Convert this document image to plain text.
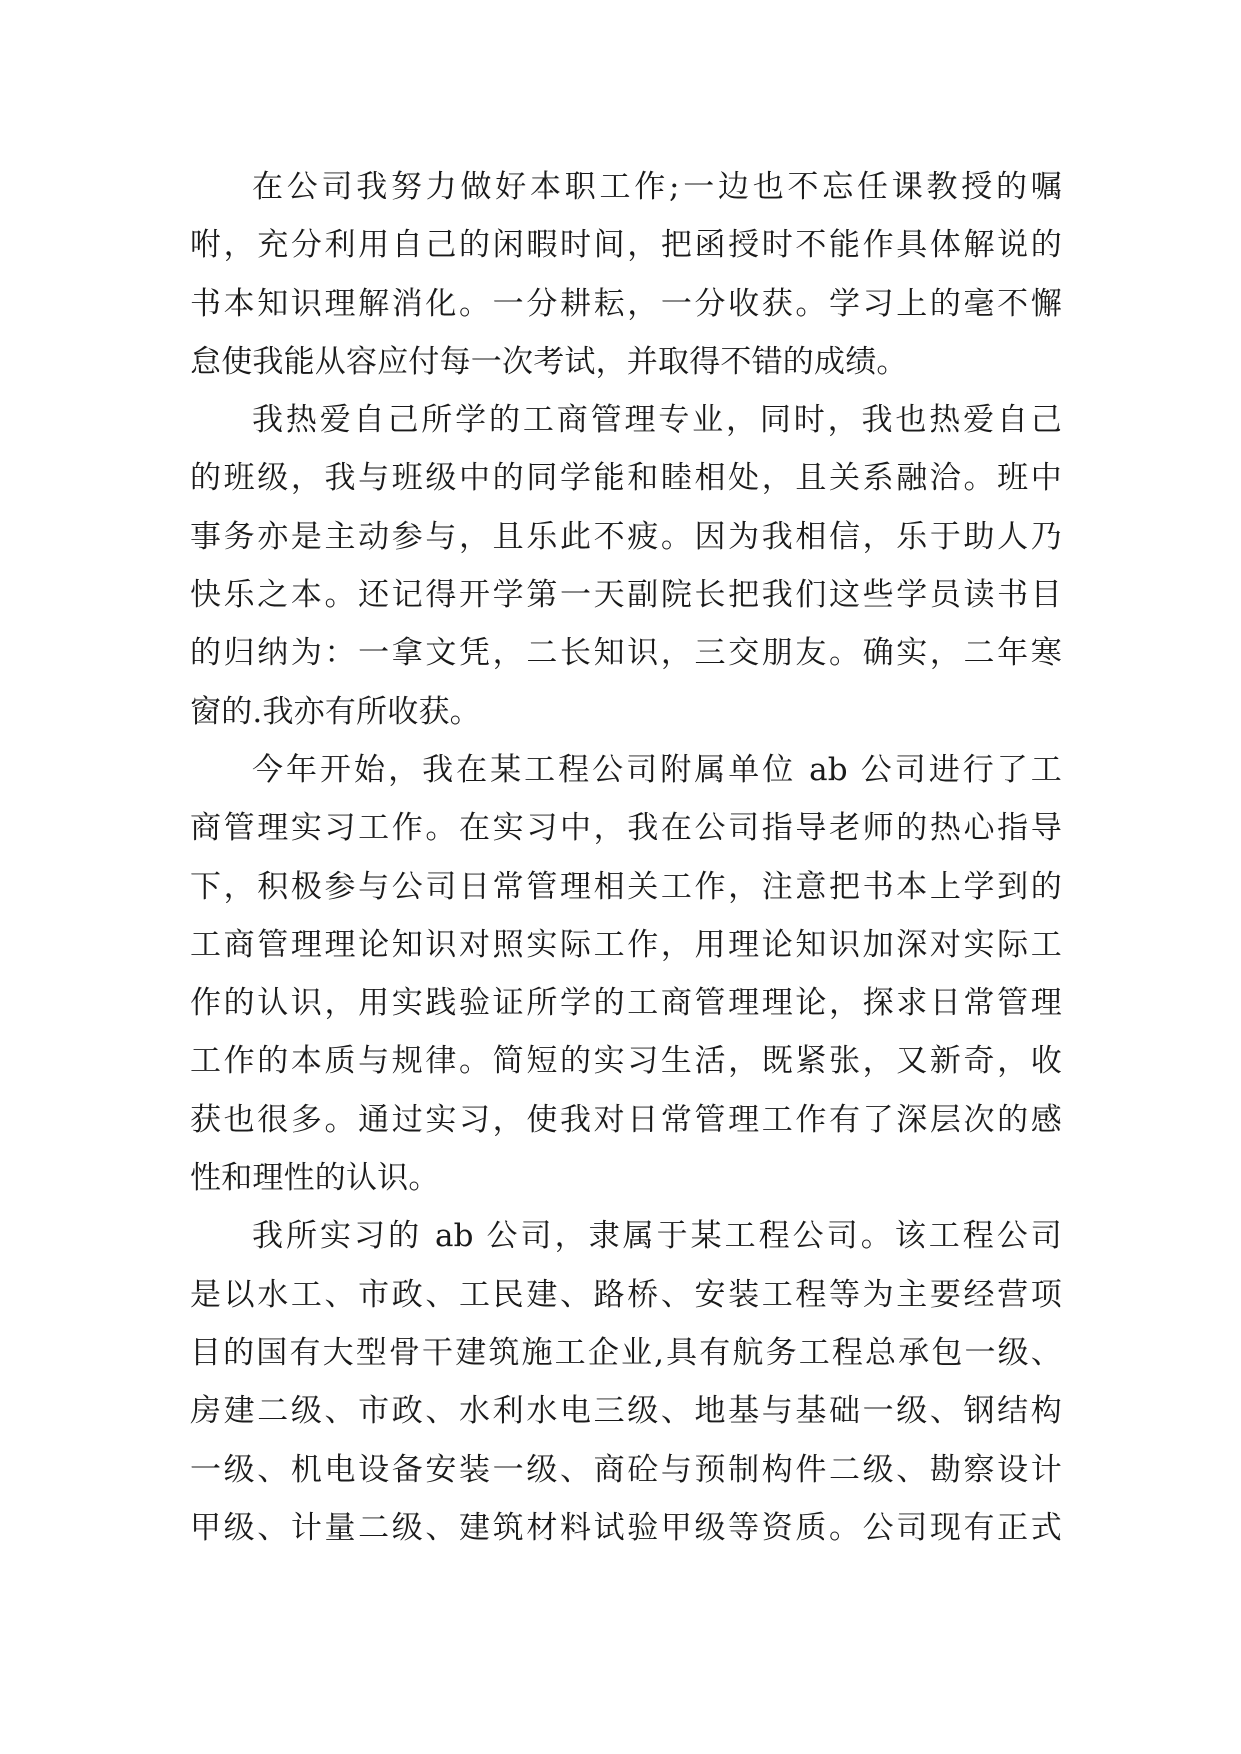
在公司我努力做好本职工作;一边也不忘任课教授的嘱
咐，充分利用自己的闲暇时间，把函授时不能作具体解说的
书本知识理解消化。一分耕耘，一分收获。学习上的毫不懈
怠使我能从容应付每一次考试，并取得不错的成绩。
我热爱自己所学的工商管理专业，同时，我也热爱自己
的班级，我与班级中的同学能和睦相处，且关系融洽。班中
事务亦是主动参与，且乐此不疲。因为我相信，乐于助人乃
快乐之本。还记得开学第一天副院长把我们这些学员读书目
的归纳为：一拿文凭，二长知识，三交朋友。确实，二年寒
窗的.我亦有所收获。
今年开始，我在某工程公司附属单位 ab 公司进行了工
商管理实习工作。在实习中，我在公司指导老师的热心指导
下，积极参与公司日常管理相关工作，注意把书本上学到的
工商管理理论知识对照实际工作，用理论知识加深对实际工
作的认识，用实践验证所学的工商管理理论，探求日常管理
工作的本质与规律。简短的实习生活，既紧张，又新奇，收
获也很多。通过实习，使我对日常管理工作有了深层次的感
性和理性的认识。
我所实习的 ab 公司，隶属于某工程公司。该工程公司
是以水工、市政、工民建、路桥、安装工程等为主要经营项
目的国有大型骨干建筑施工企业,具有航务工程总承包一级、
房建二级、市政、水利水电三级、地基与基础一级、钢结构
一级、机电设备安装一级、商砼与预制构件二级、勘察设计
甲级、计量二级、建筑材料试验甲级等资质。公司现有正式
